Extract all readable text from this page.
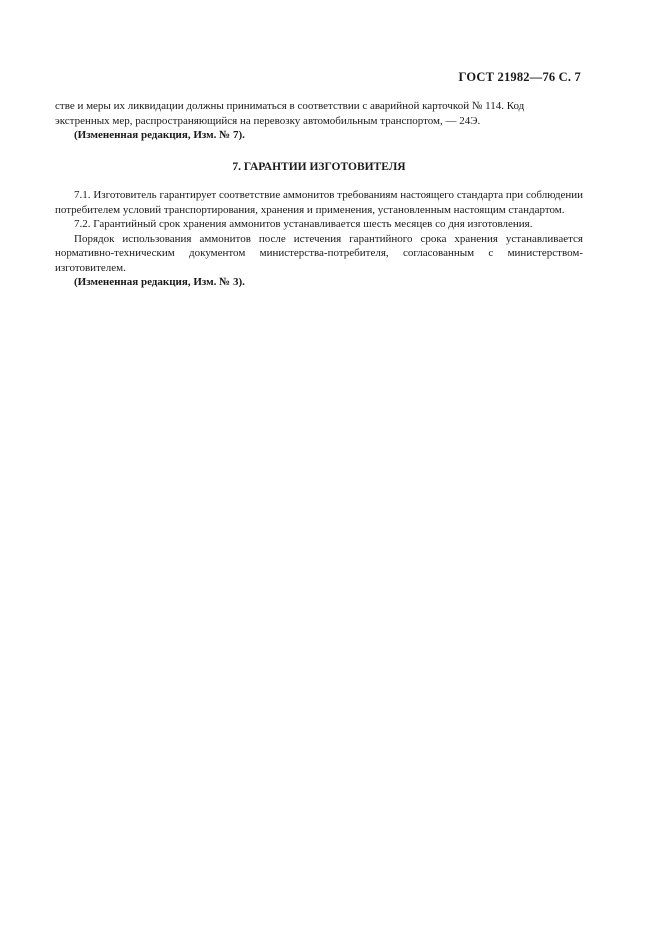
ГОСТ 21982—76 С. 7

стве и меры их ликвидации должны приниматься в соответствии с аварийной карточкой № 114. Код
экстренных мер, распространяющийся на перевозку автомобильным транспортом, — 24Э.

(Измененная редакция, Изм. № 7).

7. ГАРАНТИИ ИЗГОТОВИТЕЛЯ

7.1. Изготовитель гарантирует соответствие аммонитов требованиям настоящего стандарта при соблюдении потребителем условий транспортирования, хранения и применения, установленным настоящим стандартом.

7.2. Гарантийный срок хранения аммонитов устанавливается шесть месяцев со дня изготовления.

Порядок использования аммонитов после истечения гарантийного срока хранения устанавливается нормативно-техническим документом министерства-потребителя, согласованным с министерством-изготовителем.

(Измененная редакция, Изм. № 3).
